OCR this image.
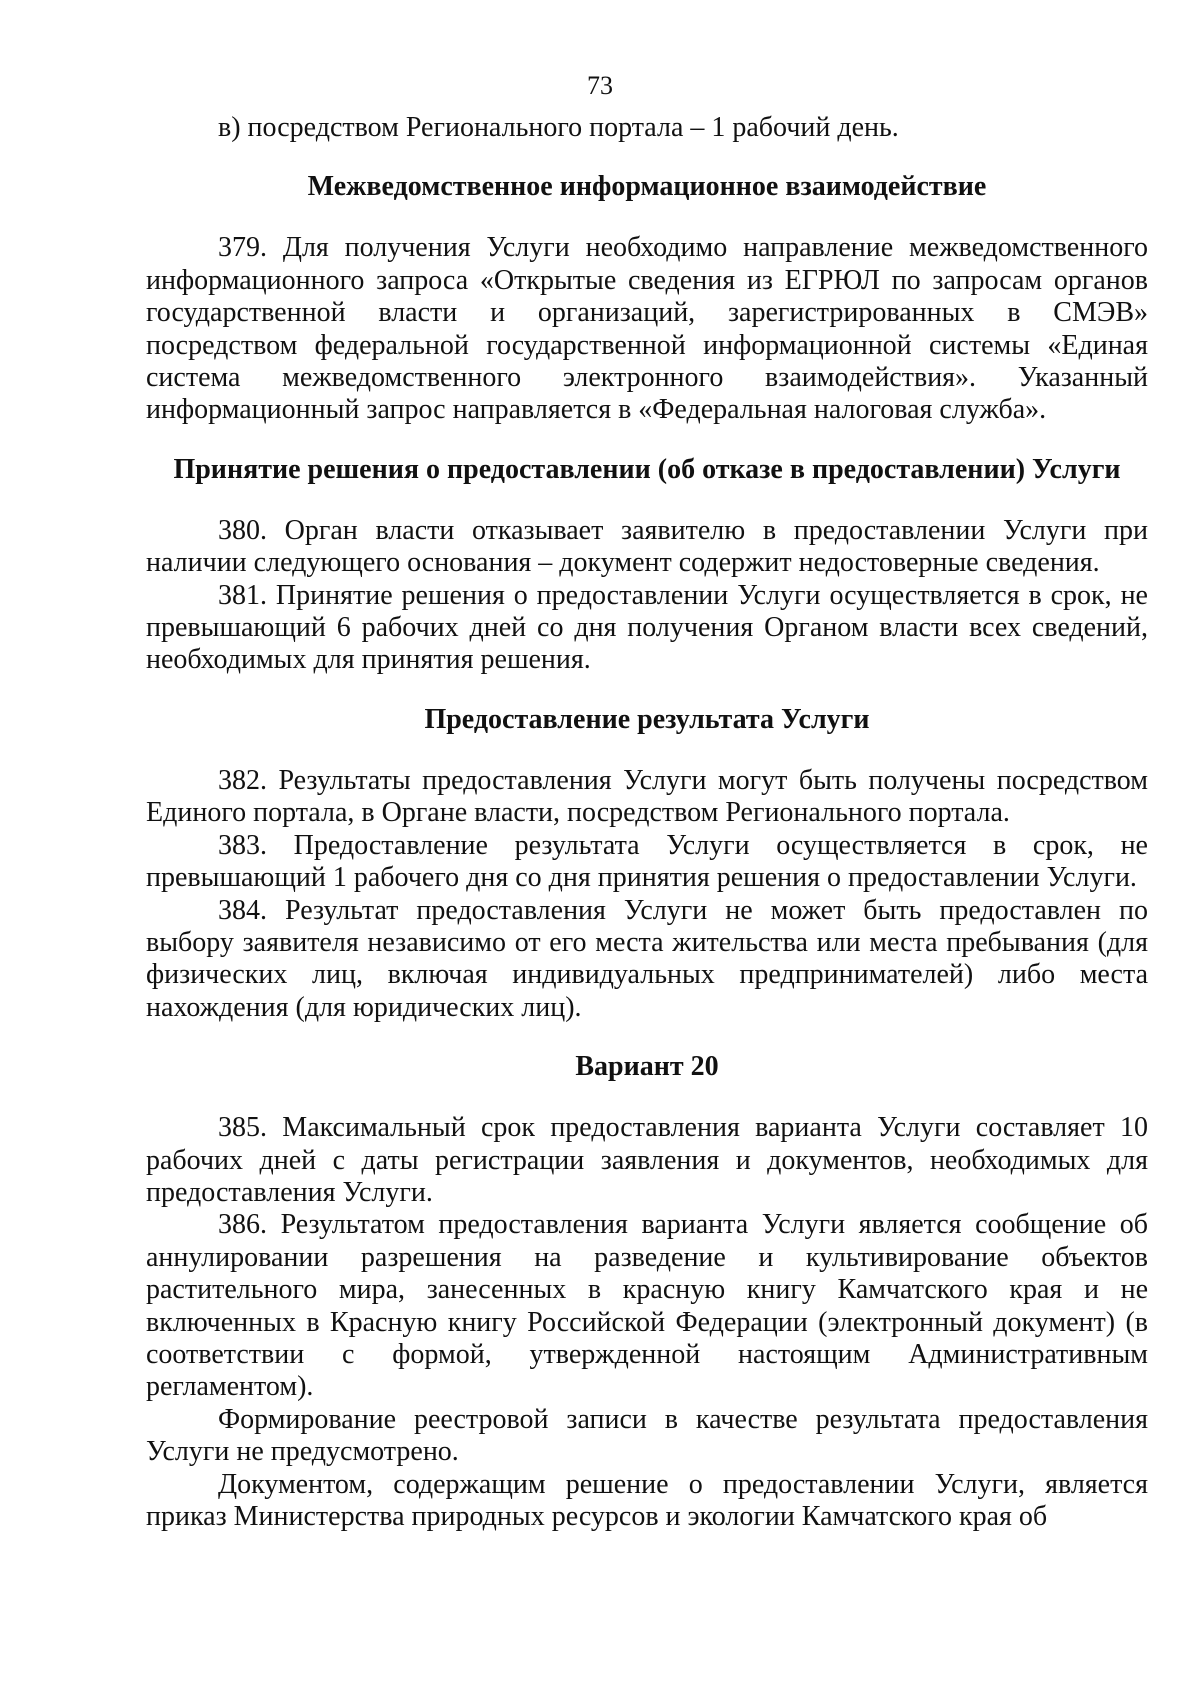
73

в) посредством Регионального портала – 1 рабочий день.

Межведомственное информационное взаимодействие

379. Для получения Услуги необходимо направление межведомственного информационного запроса «Открытые сведения из ЕГРЮЛ по запросам органов государственной власти и организаций, зарегистрированных в СМЭВ» посредством федеральной государственной информационной системы «Единая система межведомственного электронного взаимодействия». Указанный информационный запрос направляется в «Федеральная налоговая служба».

Принятие решения о предоставлении (об отказе в предоставлении) Услуги

380. Орган власти отказывает заявителю в предоставлении Услуги при наличии следующего основания – документ содержит недостоверные сведения.

381. Принятие решения о предоставлении Услуги осуществляется в срок, не превышающий 6 рабочих дней со дня получения Органом власти всех сведений, необходимых для принятия решения.

Предоставление результата Услуги

382. Результаты предоставления Услуги могут быть получены посредством Единого портала, в Органе власти, посредством Регионального портала.

383. Предоставление результата Услуги осуществляется в срок, не превышающий 1 рабочего дня со дня принятия решения о предоставлении Услуги.

384. Результат предоставления Услуги не может быть предоставлен по выбору заявителя независимо от его места жительства или места пребывания (для физических лиц, включая индивидуальных предпринимателей) либо места нахождения (для юридических лиц).

Вариант 20

385. Максимальный срок предоставления варианта Услуги составляет 10 рабочих дней с даты регистрации заявления и документов, необходимых для предоставления Услуги.

386. Результатом предоставления варианта Услуги является сообщение об аннулировании разрешения на разведение и культивирование объектов растительного мира, занесенных в красную книгу Камчатского края и не включенных в Красную книгу Российской Федерации (электронный документ) (в соответствии с формой, утвержденной настоящим Административным регламентом).

Формирование реестровой записи в качестве результата предоставления Услуги не предусмотрено.

Документом, содержащим решение о предоставлении Услуги, является приказ Министерства природных ресурсов и экологии Камчатского края об
